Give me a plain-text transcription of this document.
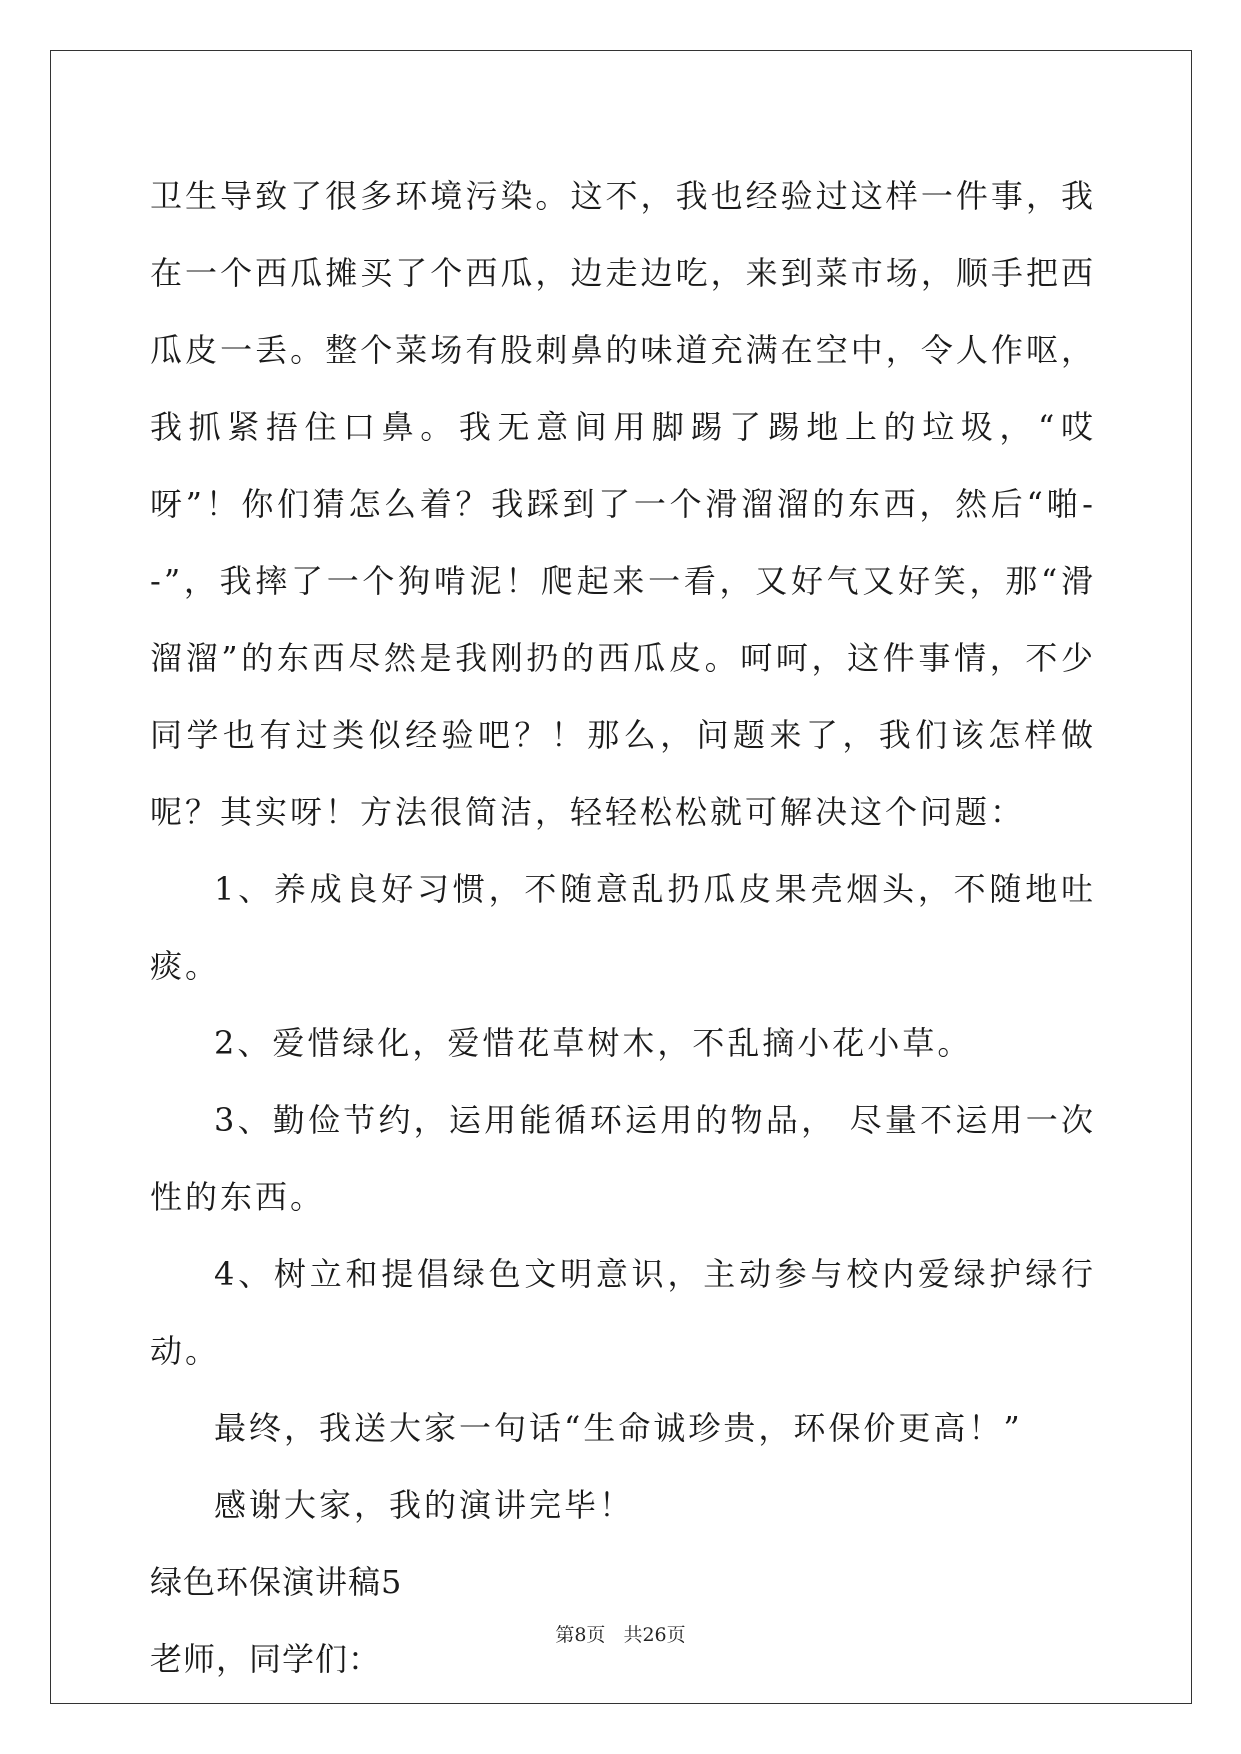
卫生导致了很多环境污染。这不，我也经验过这样一件事，我在一个西瓜摊买了个西瓜，边走边吃，来到菜市场，顺手把西瓜皮一丢。整个菜场有股刺鼻的味道充满在空中，令人作呕，我抓紧捂住口鼻。我无意间用脚踢了踢地上的垃圾，“哎呀”！你们猜怎么着？我踩到了一个滑溜溜的东西，然后“啪--”，我摔了一个狗啃泥！爬起来一看，又好气又好笑，那“滑溜溜”的东西尽然是我刚扔的西瓜皮。呵呵，这件事情，不少同学也有过类似经验吧？！那么，问题来了，我们该怎样做呢？其实呀！方法很简洁，轻轻松松就可解决这个问题：

1、养成良好习惯，不随意乱扔瓜皮果壳烟头，不随地吐痰。

2、爱惜绿化，爱惜花草树木，不乱摘小花小草。

3、勤俭节约，运用能循环运用的物品， 尽量不运用一次性的东西。

4、树立和提倡绿色文明意识，主动参与校内爱绿护绿行动。

最终，我送大家一句话“生命诚珍贵，环保价更高！”

感谢大家，我的演讲完毕！

绿色环保演讲稿5

老师，同学们：

第8页 共26页
